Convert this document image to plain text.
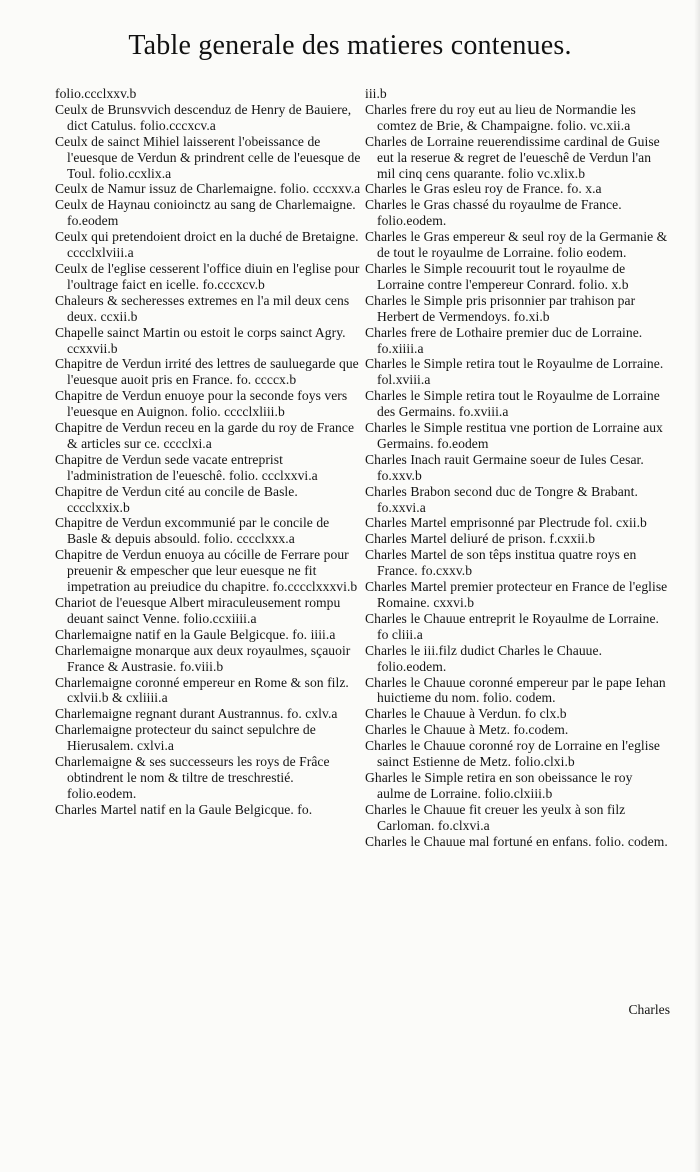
Table generale des matieres contenues.
folio.ccclxxv.b
Ceulx de Brunsvvich descenduz de Henry de Bauiere, dict Catulus. folio.cccxcv.a
Ceulx de sainct Mihiel laisserent l'obeissance de l'euesque de Verdun & prindrent celle de l'euesque de Toul. folio.ccxlix.a
Ceulx de Namur issuz de Charlemaigne. folio. cccxxv.a
Ceulx de Haynau conioinctz au sang de Charlemaigne. fo.eodem
Ceulx qui pretendoient droict en la duché de Bretaigne. cccclxlviii.a
Ceulx de l'eglise cesserent l'office diuin en l'eglise pour l'oultrage faict en icelle. fo.cccxcv.b
Chaleurs & secheresses extremes en l'a mil deux cens deux. ccxii.b
Chapelle sainct Martin ou estoit le corps sainct Agry. ccxxvii.b
Chapitre de Verdun irrité des lettres de sauluegarde que l'euesque auoit pris en France. fo. ccccx.b
Chapitre de Verdun enuoye pour la seconde foys vers l'euesque en Auignon. folio. cccclxliii.b
Chapitre de Verdun receu en la garde du roy de France & articles sur ce. cccclxi.a
Chapitre de Verdun sede vacate entreprist l'administration de l'eueschê. folio. ccclxxvi.a
Chapitre de Verdun cité au concile de Basle. cccclxxix.b
Chapitre de Verdun excommunié par le concile de Basle & depuis absould. folio. cccclxxx.a
Chapitre de Verdun enuoya au cócille de Ferrare pour preuenir & empescher que leur euesque ne fit impetration au preiudice du chapitre. fo.cccclxxxvi.b
Chariot de l'euesque Albert miraculeusement rompu deuant sainct Venne. folio.ccxiiii.a
Charlemaigne natif en la Gaule Belgicque. fo. iiii.a
Charlemaigne monarque aux deux royaulmes, sçauoir France & Austrasie. fo.viii.b
Charlemaigne coronné empereur en Rome & son filz. cxlvii.b & cxliiii.a
Charlemaigne regnant durant Austrannus. fo. cxlv.a
Charlemaigne protecteur du sainct sepulchre de Hierusalem. cxlvi.a
Charlemaigne & ses successeurs les roys de Frâce obtindrent le nom & tiltre de treschrestié. folio.eodem.
Charles Martel natif en la Gaule Belgicque. fo.
iii.b
Charles frere du roy eut au lieu de Normandie les comtez de Brie, & Champaigne. folio. vc.xii.a
Charles de Lorraine reuerendissime cardinal de Guise eut la reserue & regret de l'eueschê de Verdun l'an mil cinq cens quarante. folio vc.xlix.b
Charles le Gras esleu roy de France. fo. x.a
Charles le Gras chassé du royaulme de France. folio.eodem.
Charles le Gras empereur & seul roy de la Germanie & de tout le royaulme de Lorraine. folio eodem.
Charles le Simple recouurit tout le royaulme de Lorraine contre l'empereur Conrard. folio. x.b
Charles le Simple pris prisonnier par trahison par Herbert de Vermendoys. fo.xi.b
Charles frere de Lothaire premier duc de Lorraine. fo.xiiii.a
Charles le Simple retira tout le Royaulme de Lorraine. fol.xviii.a
Charles le Simple retira tout le Royaulme de Lorraine des Germains. fo.xviii.a
Charles le Simple restitua vne portion de Lorraine aux Germains. fo.eodem
Charles Inach rauit Germaine soeur de Iules Cesar. fo.xxv.b
Charles Brabon second duc de Tongre & Brabant. fo.xxvi.a
Charles Martel emprisonné par Plectrude fol. cxii.b
Charles Martel deliuré de prison. f.cxxii.b
Charles Martel de son têps institua quatre roys en France. fo.cxxv.b
Charles Martel premier protecteur en France de l'eglise Romaine. cxxvi.b
Charles le Chauue entreprit le Royaulme de Lorraine. fo cliii.a
Charles le iii.filz dudict Charles le Chauue. folio.eodem.
Charles le Chauue coronné empereur par le pape Iehan huictieme du nom. folio. codem.
Charles le Chauue à Verdun. fo clx.b
Charles le Chauue à Metz. fo.codem.
Charles le Chauue coronné roy de Lorraine en l'eglise sainct Estienne de Metz. folio.clxi.b
Gharles le Simple retira en son obeissance le roy aulme de Lorraine. folio.clxiii.b
Charles le Chauue fit creuer les yeulx à son filz Carloman. fo.clxvi.a
Charles le Chauue mal fortuné en enfans. folio. codem.
Charles
